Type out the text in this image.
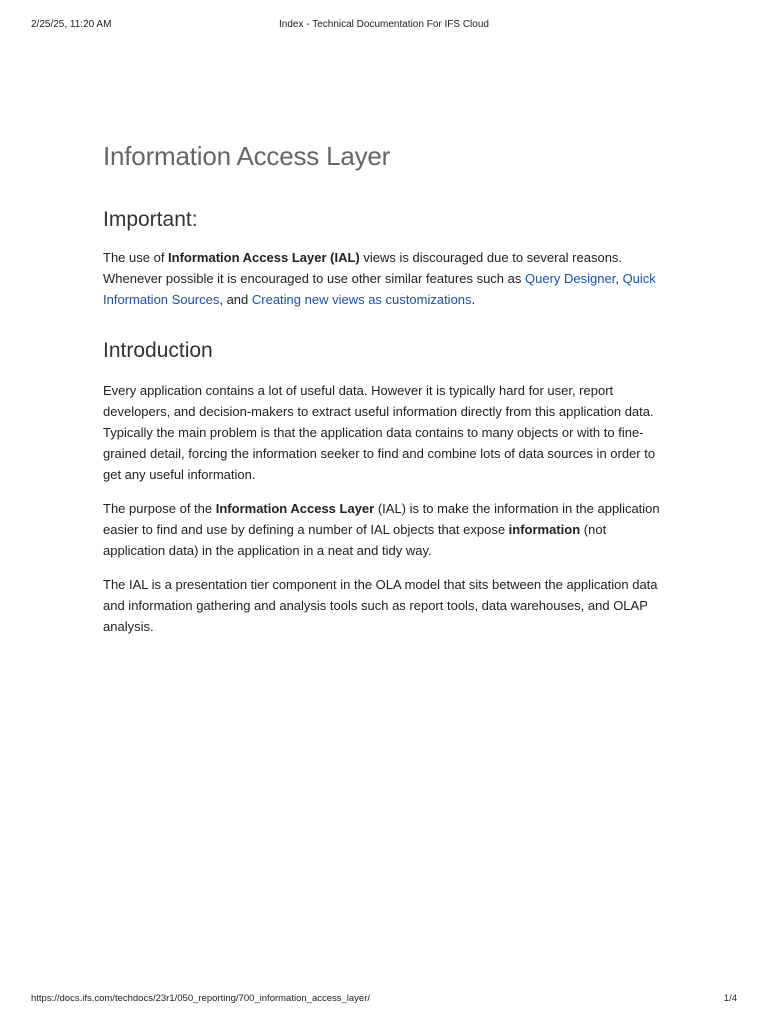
2/25/25, 11:20 AM	Index - Technical Documentation For IFS Cloud
Information Access Layer
Important:

The use of Information Access Layer (IAL) views is discouraged due to several reasons. Whenever possible it is encouraged to use other similar features such as Query Designer, Quick Information Sources, and Creating new views as customizations.

Introduction

Every application contains a lot of useful data. However it is typically hard for user, report developers, and decision-makers to extract useful information directly from this application data. Typically the main problem is that the application data contains to many objects or with to fine-grained detail, forcing the information seeker to find and combine lots of data sources in order to get any useful information.

The purpose of the Information Access Layer (IAL) is to make the information in the application easier to find and use by defining a number of IAL objects that expose information (not application data) in the application in a neat and tidy way.

The IAL is a presentation tier component in the OLA model that sits between the application data and information gathering and analysis tools such as report tools, data warehouses, and OLAP analysis.

https://docs.ifs.com/techdocs/23r1/050_reporting/700_information_access_layer/	1/4
